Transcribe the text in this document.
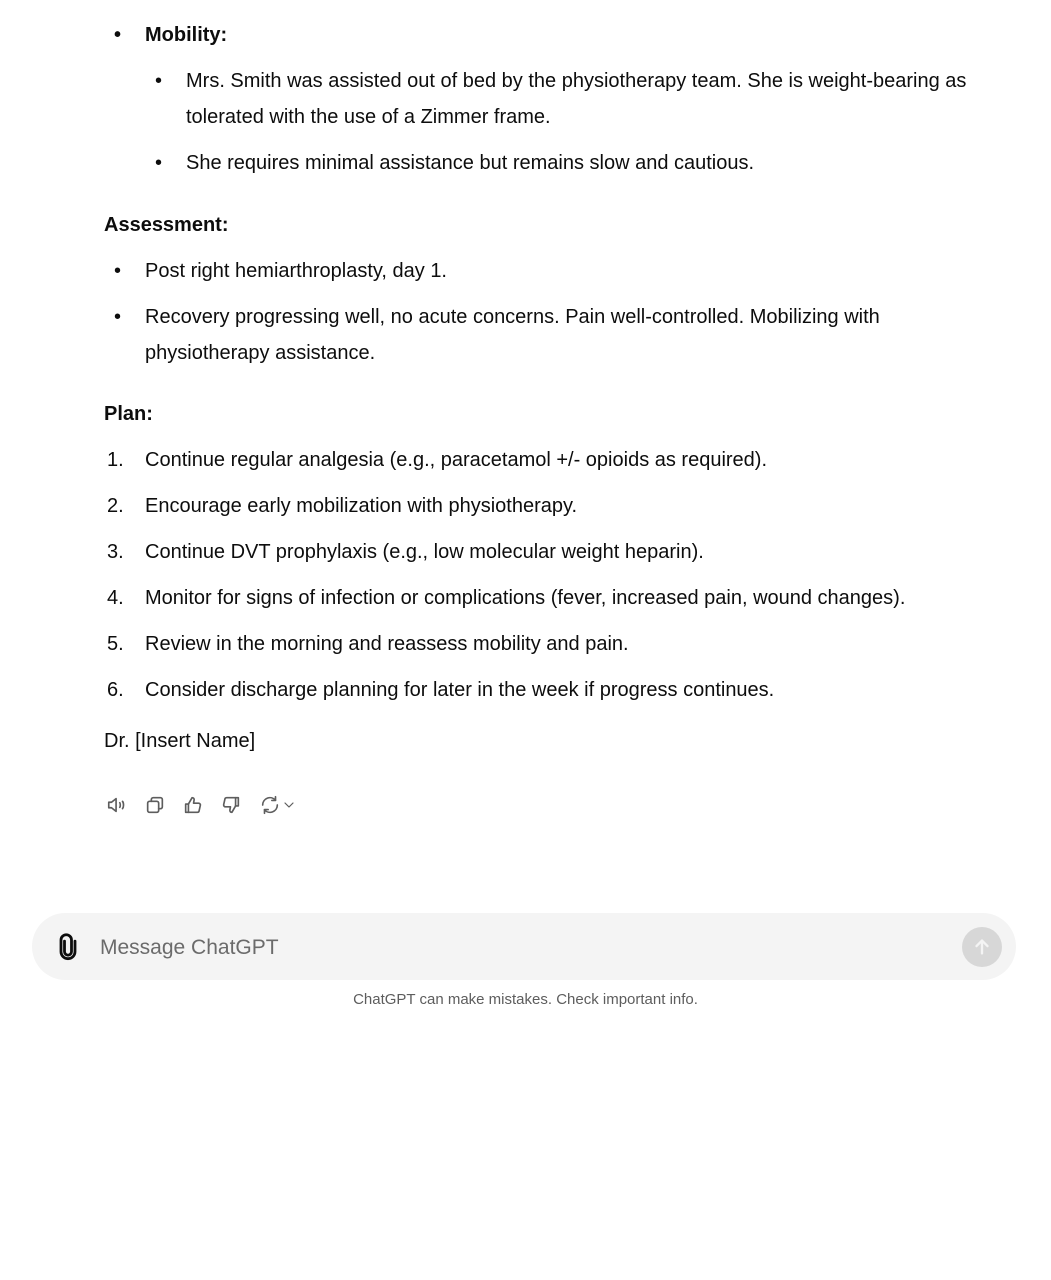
• Mobility:
• Mrs. Smith was assisted out of bed by the physiotherapy team. She is weight-bearing as tolerated with the use of a Zimmer frame.
• She requires minimal assistance but remains slow and cautious.

Assessment:

• Post right hemiarthroplasty, day 1.
• Recovery progressing well, no acute concerns. Pain well-controlled. Mobilizing with physiotherapy assistance.

Plan:

1. Continue regular analgesia (e.g., paracetamol +/- opioids as required).
2. Encourage early mobilization with physiotherapy.
3. Continue DVT prophylaxis (e.g., low molecular weight heparin).
4. Monitor for signs of infection or complications (fever, increased pain, wound changes).
5. Review in the morning and reassess mobility and pain.
6. Consider discharge planning for later in the week if progress continues.

Dr. [Insert Name]

Message ChatGPT
ChatGPT can make mistakes. Check important info.
